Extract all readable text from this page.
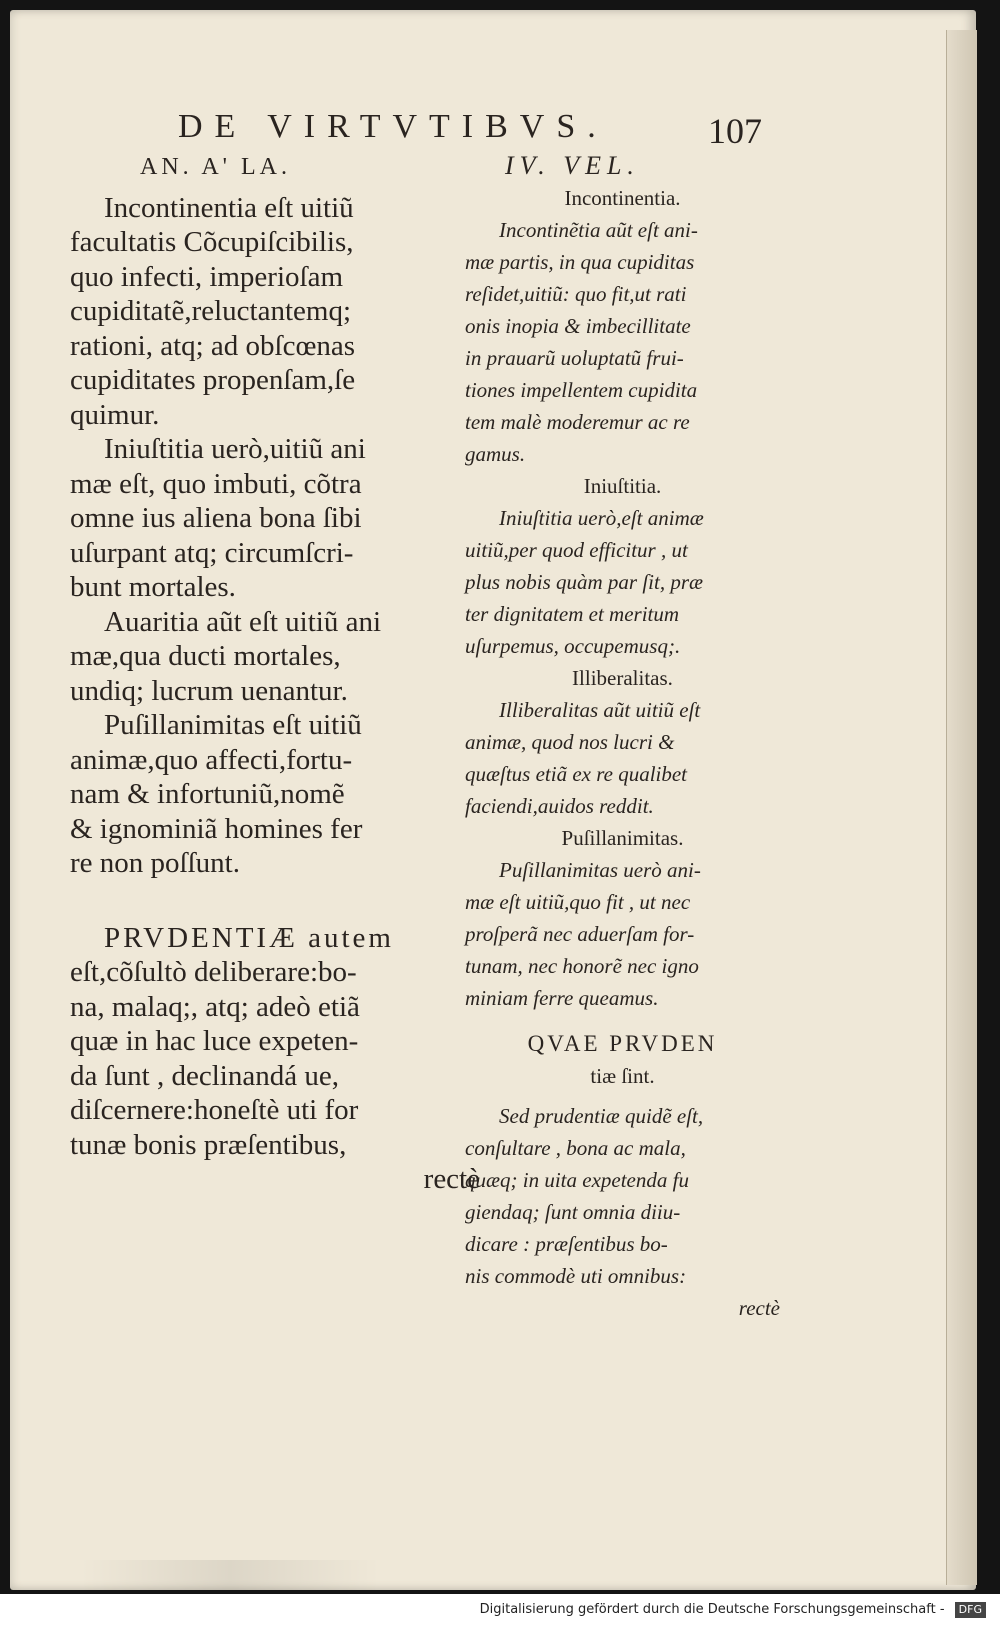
DE VIRTVTIBVS.	107
AN. A' LA.
Incontinentia eſt uitiũ
facultatis Cõcupiſcibilis,
quo infecti, imperioſam
cupiditatẽ,reluctantemq;
rationi, atq; ad obſcœnas
cupiditates propenſam,ſe
quimur.
Iniuſtitia uerò,uitiũ ani
mæ eſt, quo imbuti, cõtra
omne ius aliena bona ſibi
uſurpant atq; circumſcri-
bunt mortales.
Auaritia aũt eſt uitiũ ani
mæ,qua ducti mortales,
undiq; lucrum uenantur.
Puſillanimitas eſt uitiũ
animæ,quo affecti,fortu-
nam & infortuniũ,nomẽ
& ignominiã homines fer
re non poſſunt.
PRVDENTIÆ autem
eſt,cõſultò deliberare:bo-
na, malaq;, atq; adeò etiã
quæ in hac luce expeten-
da ſunt , declinandá ue,
diſcernere:honeſtè uti for
tunæ bonis præſentibus,
rectè
IV. VEL.
Incontinentia.
Incontinẽtia aũt eſt ani-
mæ partis, in qua cupiditas
reſidet,uitiũ: quo fit,ut rati
onis inopia & imbecillitate
in prauarũ uoluptatũ frui-
tiones impellentem cupidita
tem malè moderemur ac re
gamus.
Iniuſtitia.
Iniuſtitia uerò,eſt animæ
uitiũ,per quod efficitur , ut
plus nobis quàm par ſit, præ
ter dignitatem et meritum
uſurpemus, occupemusq;.
Illiberalitas.
Illiberalitas aũt uitiũ eſt
animæ, quod nos lucri &
quæſtus etiã ex re qualibet
faciendi,auidos reddit.
Puſillanimitas.
Puſillanimitas uerò ani-
mæ eſt uitiũ,quo fit , ut nec
proſperã nec aduerſam for-
tunam, nec honorẽ nec igno
miniam ferre queamus.
QVAE PRVDEN
tiæ ſint.
Sed prudentiæ quidẽ eſt,
conſultare , bona ac mala,
quæq; in uita expetenda fu
giendaq; ſunt omnia diiu-
dicare : præſentibus bo-
nis commodè uti omnibus:
rectè
Digitalisierung gefördert durch die Deutsche Forschungsgemeinschaft - DFG
